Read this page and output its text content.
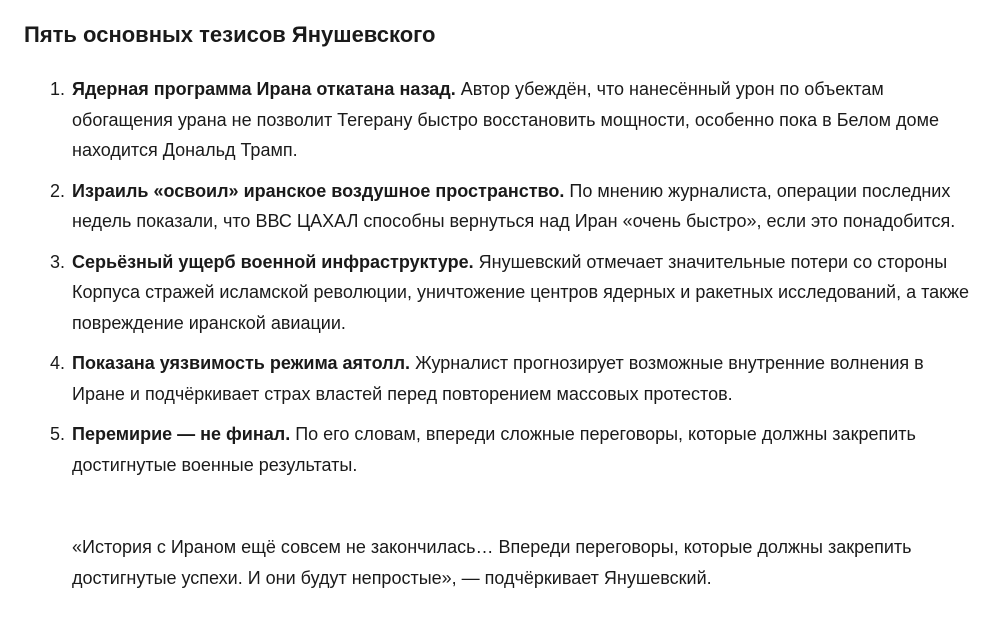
Пять основных тезисов Янушевского
1. Ядерная программа Ирана откатана назад. Автор убеждён, что нанесённый урон по объектам обогащения урана не позволит Тегерану быстро восстановить мощности, особенно пока в Белом доме находится Дональд Трамп.
2. Израиль «освоил» иранское воздушное пространство. По мнению журналиста, операции последних недель показали, что ВВС ЦАХАЛ способны вернуться над Иран «очень быстро», если это понадобится.
3. Серьёзный ущерб военной инфраструктуре. Янушевский отмечает значительные потери со стороны Корпуса стражей исламской революции, уничтожение центров ядерных и ракетных исследований, а также повреждение иранской авиации.
4. Показана уязвимость режима аятолл. Журналист прогнозирует возможные внутренние волнения в Иране и подчёркивает страх властей перед повторением массовых протестов.
5. Перемирие — не финал. По его словам, впереди сложные переговоры, которые должны закрепить достигнутые военные результаты.

«История с Ираном ещё совсем не закончилась… Впереди переговоры, которые должны закрепить достигнутые успехи. И они будут непростые», — подчёркивает Янушевский.
